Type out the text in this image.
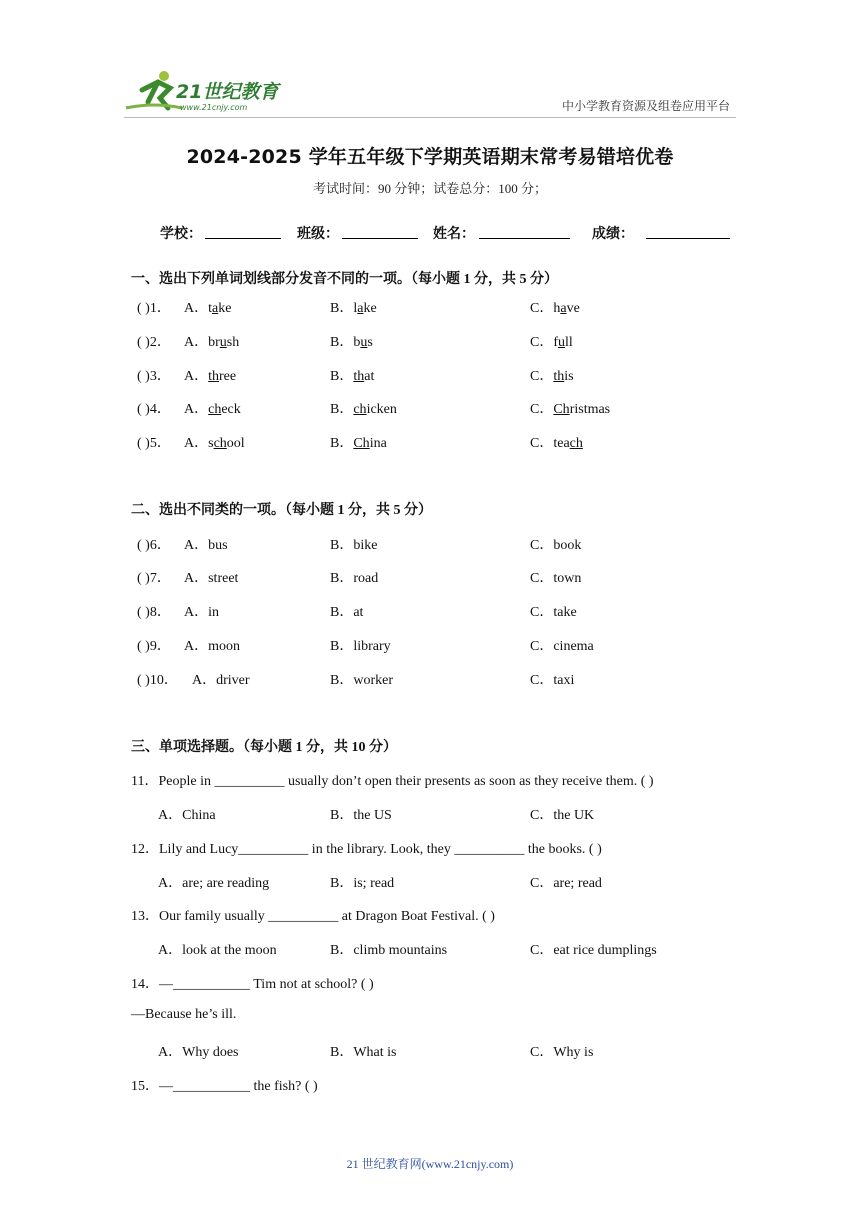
21世纪教育
www.21cnjy.com	中小学教育资源及组卷应用平台
2024-2025 学年五年级下学期英语期末常考易错培优卷
考试时间：90 分钟；试卷总分：100 分；
学校：	班级：	姓名：	成绩：
一、选出下列单词划线部分发音不同的一项。（每小题 1 分，共 5 分）
( )1． A．take	B．lake	C．have
( )2． A．brush	B．bus	C．full
( )3． A．three	B．that	C．this
( )4． A．check	B．chicken	C．Christmas
( )5． A．school	B．China	C．teach
二、选出不同类的一项。（每小题 1 分，共 5 分）
( )6． A．bus	B．bike	C．book
( )7． A．street	B．road	C．town
( )8． A．in	B．at	C．take
( )9． A．moon	B．library	C．cinema
( )10． A．driver	B．worker	C．taxi
三、单项选择题。（每小题 1 分，共 10 分）
11．People in __________ usually don’t open their presents as soon as they receive them. ( )
A．China	B．the US	C．the UK
12．Lily and Lucy__________ in the library. Look, they __________ the books. ( )
A．are; are reading	B．is; read	C．are; read
13．Our family usually __________ at Dragon Boat Festival. ( )
A．look at the moon	B．climb mountains	C．eat rice dumplings
14．—___________ Tim not at school? ( )
—Because he’s ill.
A．Why does	B．What is	C．Why is
15．—___________ the fish? ( )
21 世纪教育网(www.21cnjy.com)
